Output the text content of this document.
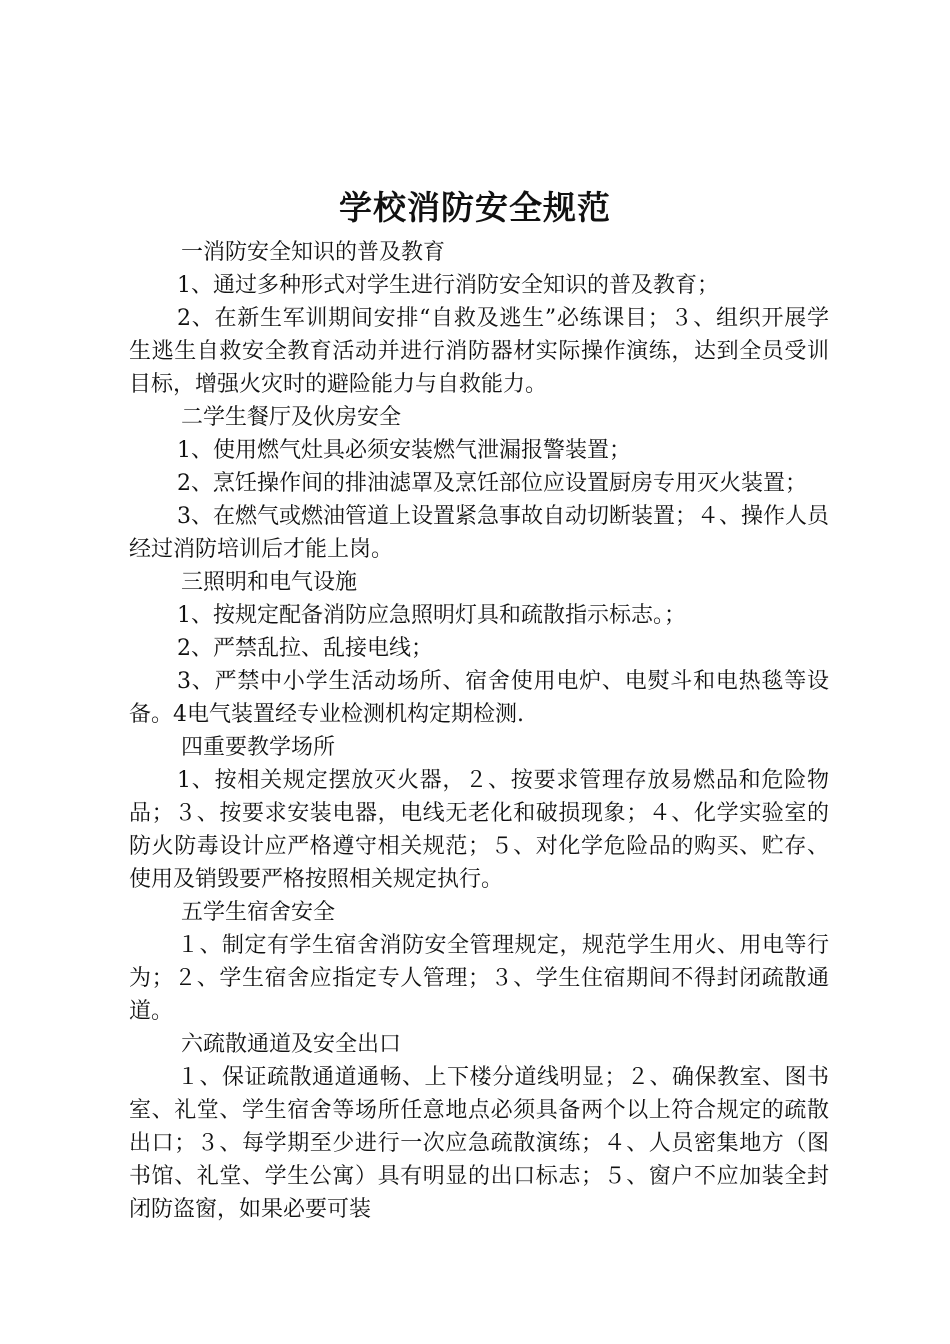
学校消防安全规范

一消防安全知识的普及教育

1、通过多种形式对学生进行消防安全知识的普及教育；

2、在新生军训期间安排“自救及逃生”必练课目；３、组织开展学生逃生自救安全教育活动并进行消防器材实际操作演练，达到全员受训目标，增强火灾时的避险能力与自救能力。

二学生餐厅及伙房安全

1、使用燃气灶具必须安装燃气泄漏报警装置；

2、烹饪操作间的排油滤罩及烹饪部位应设置厨房专用灭火装置；

3、在燃气或燃油管道上设置紧急事故自动切断装置；４、操作人员经过消防培训后才能上岗。

三照明和电气设施

1、按规定配备消防应急照明灯具和疏散指示标志。；

2、严禁乱拉、乱接电线；

3、严禁中小学生活动场所、宿舍使用电炉、电熨斗和电热毯等设备。4电气装置经专业检测机构定期检测.

四重要教学场所

1、按相关规定摆放灭火器，２、按要求管理存放易燃品和危险物品；３、按要求安装电器，电线无老化和破损现象；４、化学实验室的防火防毒设计应严格遵守相关规范；５、对化学危险品的购买、贮存、使用及销毁要严格按照相关规定执行。

五学生宿舍安全

１、制定有学生宿舍消防安全管理规定，规范学生用火、用电等行为；２、学生宿舍应指定专人管理；３、学生住宿期间不得封闭疏散通道。

六疏散通道及安全出口

１、保证疏散通道通畅、上下楼分道线明显；２、确保教室、图书室、礼堂、学生宿舍等场所任意地点必须具备两个以上符合规定的疏散出口；３、每学期至少进行一次应急疏散演练；４、人员密集地方（图书馆、礼堂、学生公寓）具有明显的出口标志；５、窗户不应加装全封闭防盗窗，如果必要可装
